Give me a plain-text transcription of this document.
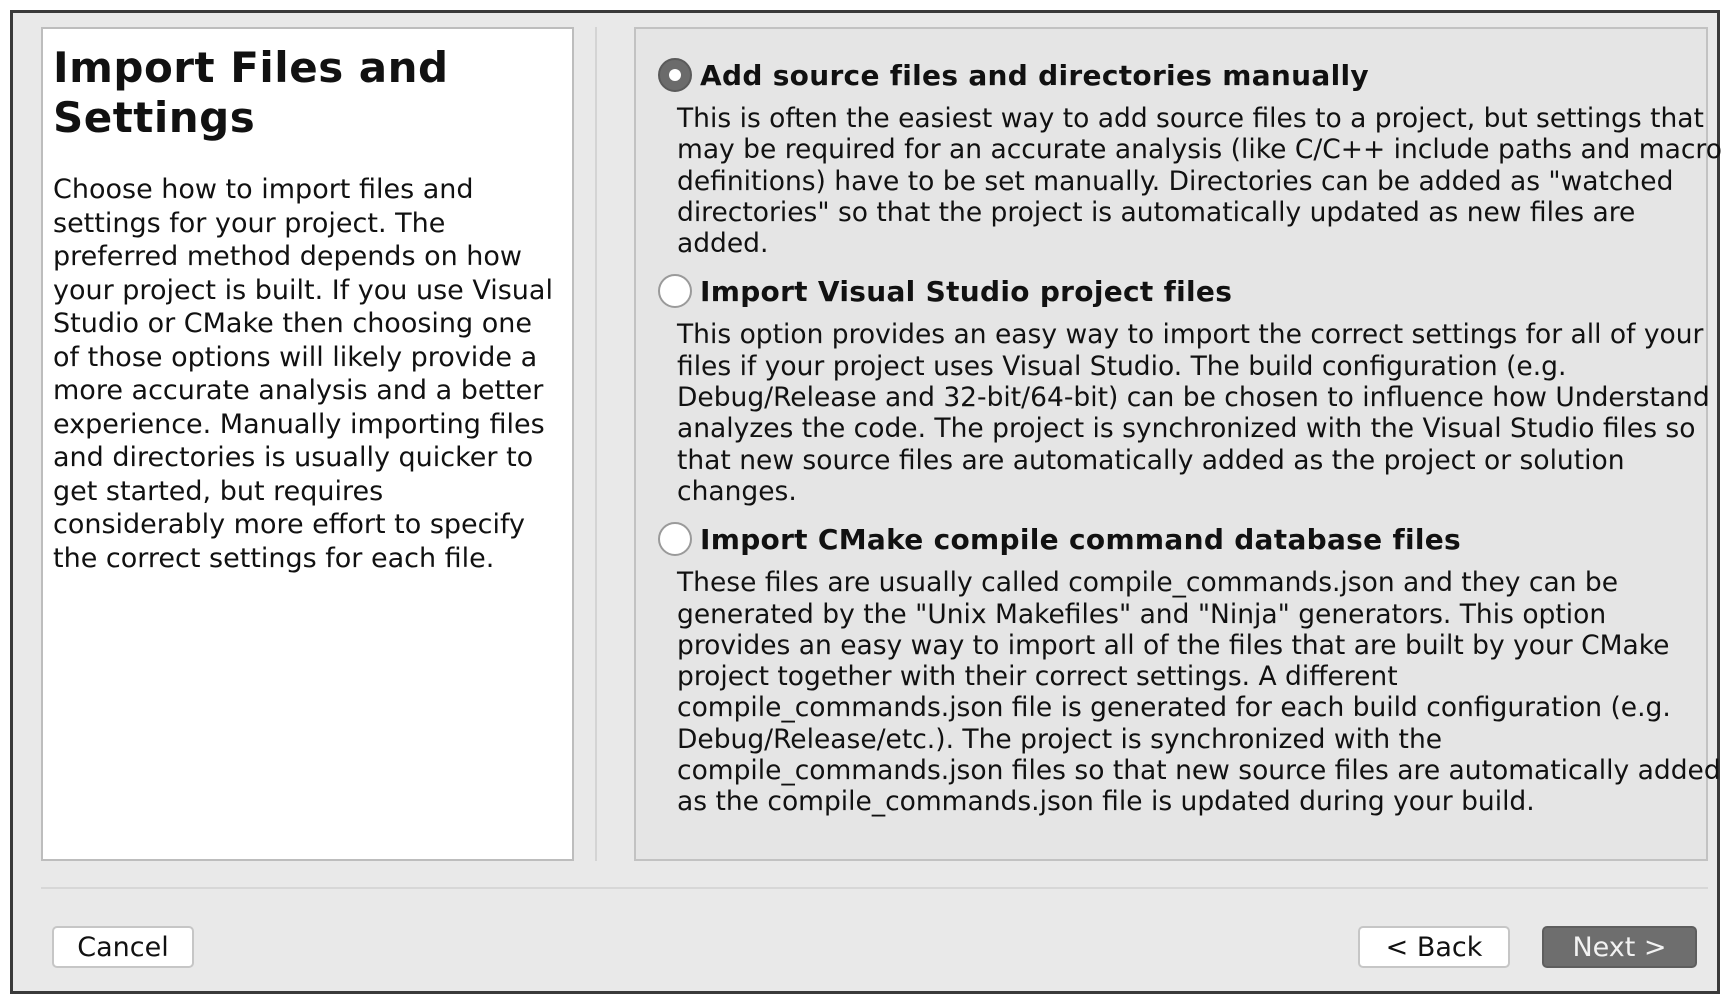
Import Files and Settings

Choose how to import files and settings for your project. The preferred method depends on how your project is built. If you use Visual Studio or CMake then choosing one of those options will likely provide a more accurate analysis and a better experience. Manually importing files and directories is usually quicker to get started, but requires considerably more effort to specify the correct settings for each file.

Add source files and directories manually

This is often the easiest way to add source files to a project, but settings that may be required for an accurate analysis (like C/C++ include paths and macro definitions) have to be set manually. Directories can be added as "watched directories" so that the project is automatically updated as new files are added.

Import Visual Studio project files

This option provides an easy way to import the correct settings for all of your files if your project uses Visual Studio. The build configuration (e.g. Debug/Release and 32-bit/64-bit) can be chosen to influence how Understand analyzes the code. The project is synchronized with the Visual Studio files so that new source files are automatically added as the project or solution changes.

Import CMake compile command database files

These files are usually called compile_commands.json and they can be generated by the "Unix Makefiles" and "Ninja" generators. This option provides an easy way to import all of the files that are built by your CMake project together with their correct settings. A different compile_commands.json file is generated for each build configuration (e.g. Debug/Release/etc.). The project is synchronized with the compile_commands.json files so that new source files are automatically added as the compile_commands.json file is updated during your build.

Cancel	< Back	Next >
